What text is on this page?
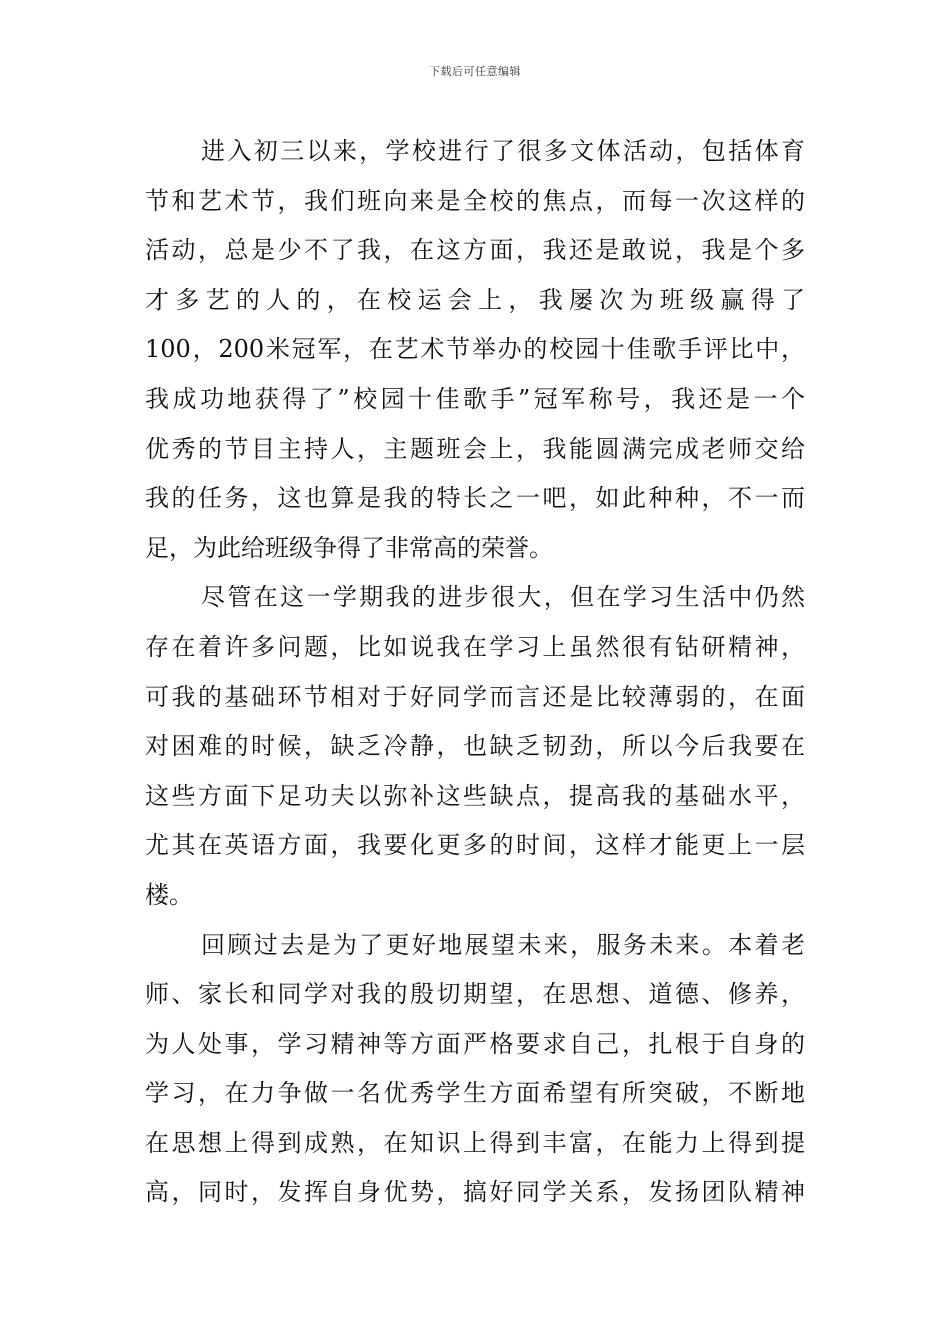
下载后可任意编辑
进入初三以来，学校进行了很多文体活动，包括体育
节和艺术节，我们班向来是全校的焦点，而每一次这样的
活动，总是少不了我，在这方面，我还是敢说，我是个多
才多艺的人的，在校运会上，我屡次为班级赢得了
100，200米冠军，在艺术节举办的校园十佳歌手评比中，
我成功地获得了”校园十佳歌手”冠军称号，我还是一个
优秀的节目主持人，主题班会上，我能圆满完成老师交给
我的任务，这也算是我的特长之一吧，如此种种，不一而
足，为此给班级争得了非常高的荣誉。
尽管在这一学期我的进步很大，但在学习生活中仍然
存在着许多问题，比如说我在学习上虽然很有钻研精神，
可我的基础环节相对于好同学而言还是比较薄弱的，在面
对困难的时候，缺乏冷静，也缺乏韧劲，所以今后我要在
这些方面下足功夫以弥补这些缺点，提高我的基础水平，
尤其在英语方面，我要化更多的时间，这样才能更上一层
楼。
回顾过去是为了更好地展望未来，服务未来。本着老
师、家长和同学对我的殷切期望，在思想、道德、修养，
为人处事，学习精神等方面严格要求自己，扎根于自身的
学习，在力争做一名优秀学生方面希望有所突破，不断地
在思想上得到成熟，在知识上得到丰富，在能力上得到提
高，同时，发挥自身优势，搞好同学关系，发扬团队精神
